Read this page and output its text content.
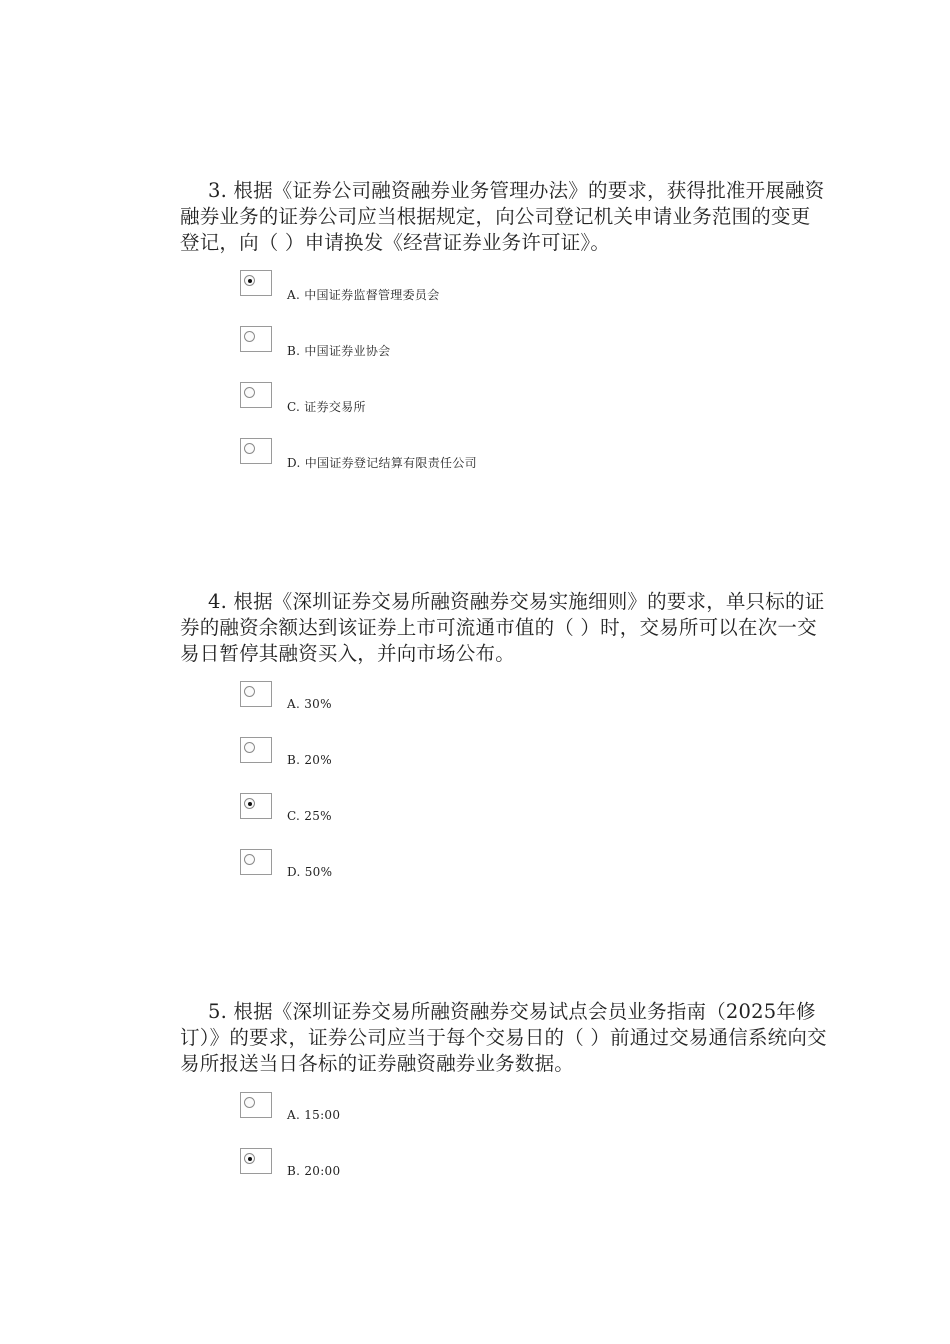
3. 根据《证券公司融资融券业务管理办法》的要求，获得批准开展融资融券业务的证券公司应当根据规定，向公司登记机关申请业务范围的变更登记，向（ ）申请换发《经营证券业务许可证》。

A. 中国证券监督管理委员会
B. 中国证券业协会
C. 证券交易所
D. 中国证券登记结算有限责任公司

4. 根据《深圳证券交易所融资融券交易实施细则》的要求，单只标的证券的融资余额达到该证券上市可流通市值的（ ）时，交易所可以在次一交易日暂停其融资买入，并向市场公布。

A. 30%
B. 20%
C. 25%
D. 50%

5. 根据《深圳证券交易所融资融券交易试点会员业务指南（2025年修订）》的要求，证券公司应当于每个交易日的（ ）前通过交易通信系统向交易所报送当日各标的证券融资融券业务数据。

A. 15:00
B. 20:00
